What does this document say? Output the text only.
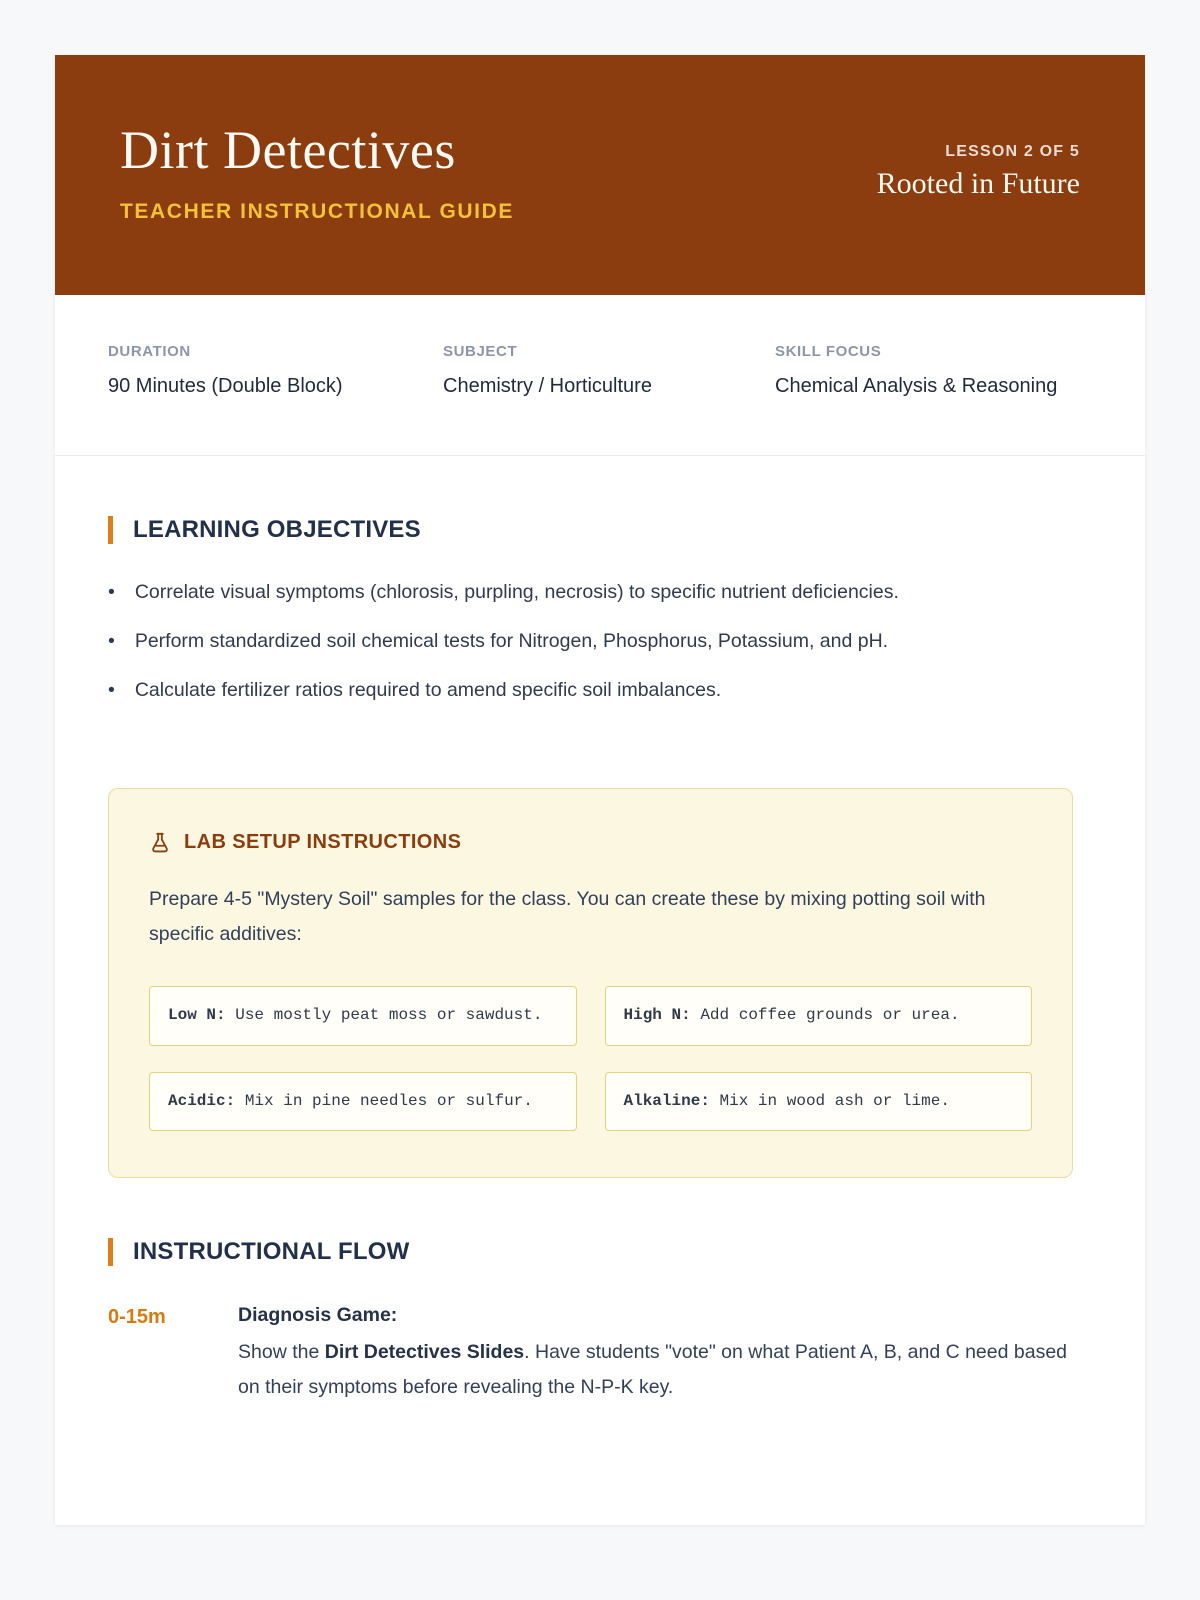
Dirt Detectives
TEACHER INSTRUCTIONAL GUIDE
LESSON 2 OF 5
Rooted in Future
DURATION
90 Minutes (Double Block)
SUBJECT
Chemistry / Horticulture
SKILL FOCUS
Chemical Analysis & Reasoning
LEARNING OBJECTIVES
• Correlate visual symptoms (chlorosis, purpling, necrosis) to specific nutrient deficiencies.
• Perform standardized soil chemical tests for Nitrogen, Phosphorus, Potassium, and pH.
• Calculate fertilizer ratios required to amend specific soil imbalances.
LAB SETUP INSTRUCTIONS
Prepare 4-5 "Mystery Soil" samples for the class. You can create these by mixing potting soil with specific additives:
Low N: Use mostly peat moss or sawdust.	High N: Add coffee grounds or urea.
Acidic: Mix in pine needles or sulfur.	Alkaline: Mix in wood ash or lime.
INSTRUCTIONAL FLOW
0-15m	Diagnosis Game:
Show the Dirt Detectives Slides. Have students "vote" on what Patient A, B, and C need based on their symptoms before revealing the N-P-K key.
